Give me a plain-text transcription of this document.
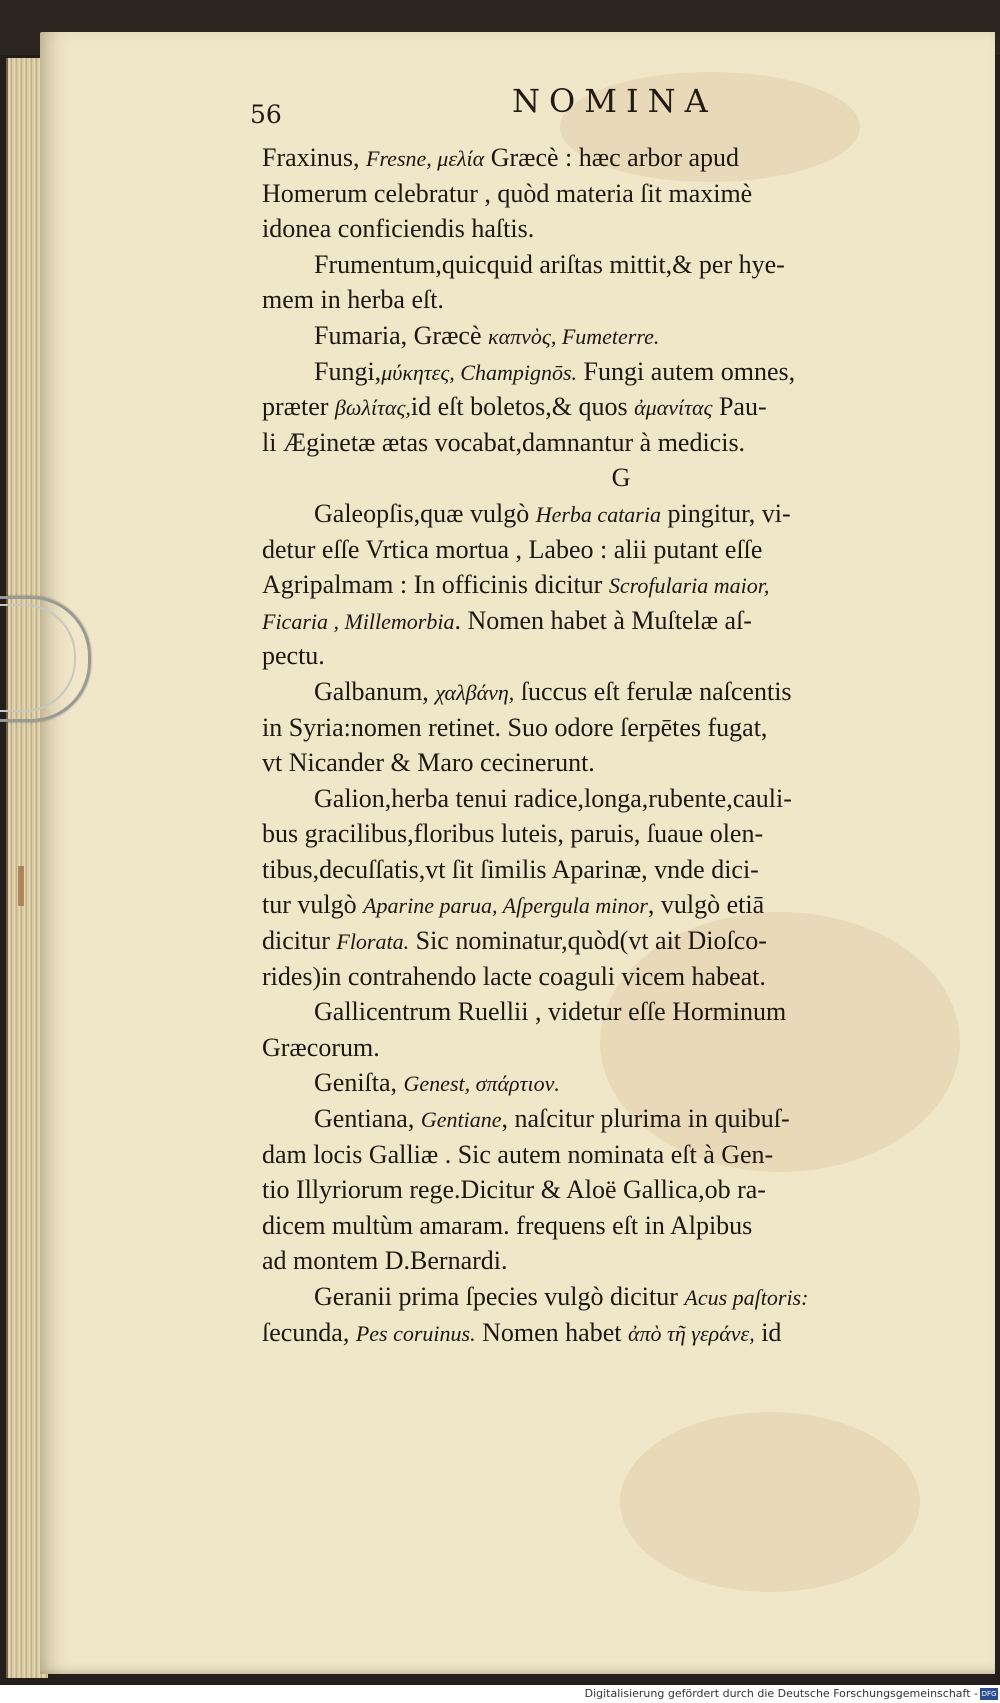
56	NOMINA
Fraxinus, Fresne, μελία Græcè : hæc arbor apud
Homerum celebratur , quòd materia ſit maximè
idonea conficiendis haſtis.
  Frumentum,quicquid ariſtas mittit,& per hye-
mem in herba eſt.
  Fumaria, Græcè καπνὸς, Fumeterre.
  Fungi,μύκητες, Champignōs. Fungi autem omnes,
præter βωλίτας,id eſt boletos,& quos ἀμανίτας Pau-
li Æginetæ ætas vocabat,damnantur à medicis.
G
  Galeopſis,quæ vulgò Herba cataria pingitur, vi-
detur eſſe Vrtica mortua , Labeo : alii putant eſſe
Agripalmam : In officinis dicitur Scrofularia maior,
Ficaria , Millemorbia. Nomen habet à Muſtelæ aſ-
pectu.
  Galbanum, χαλβάνη, ſuccus eſt ferulæ naſcentis
in Syria:nomen retinet. Suo odore ſerpētes fugat,
vt Nicander & Maro cecinerunt.
  Galion,herba tenui radice,longa,rubente,cauli-
bus gracilibus,floribus luteis, paruis, ſuaue olen-
tibus,decuſſatis,vt ſit ſimilis Aparinæ, vnde dici-
tur vulgò Aparine parua, Aſpergula minor, vulgò etiā
dicitur Florata. Sic nominatur,quòd(vt ait Dioſco-
rides)in contrahendo lacte coaguli vicem habeat.
  Gallicentrum Ruellii , videtur eſſe Horminum
Græcorum.
  Geniſta, Genest, σπάρτιον.
  Gentiana, Gentiane, naſcitur plurima in quibuſ-
dam locis Galliæ . Sic autem nominata eſt à Gen-
tio Illyriorum rege.Dicitur & Aloë Gallica,ob ra-
dicem multùm amaram. frequens eſt in Alpibus
ad montem D.Bernardi.
  Geranii prima ſpecies vulgò dicitur Acus paſtoris:
ſecunda, Pes coruinus. Nomen habet ἀπὸ τῆ γεράνε, id
Digitalisierung gefördert durch die Deutsche Forschungsgemeinschaft - DFG
